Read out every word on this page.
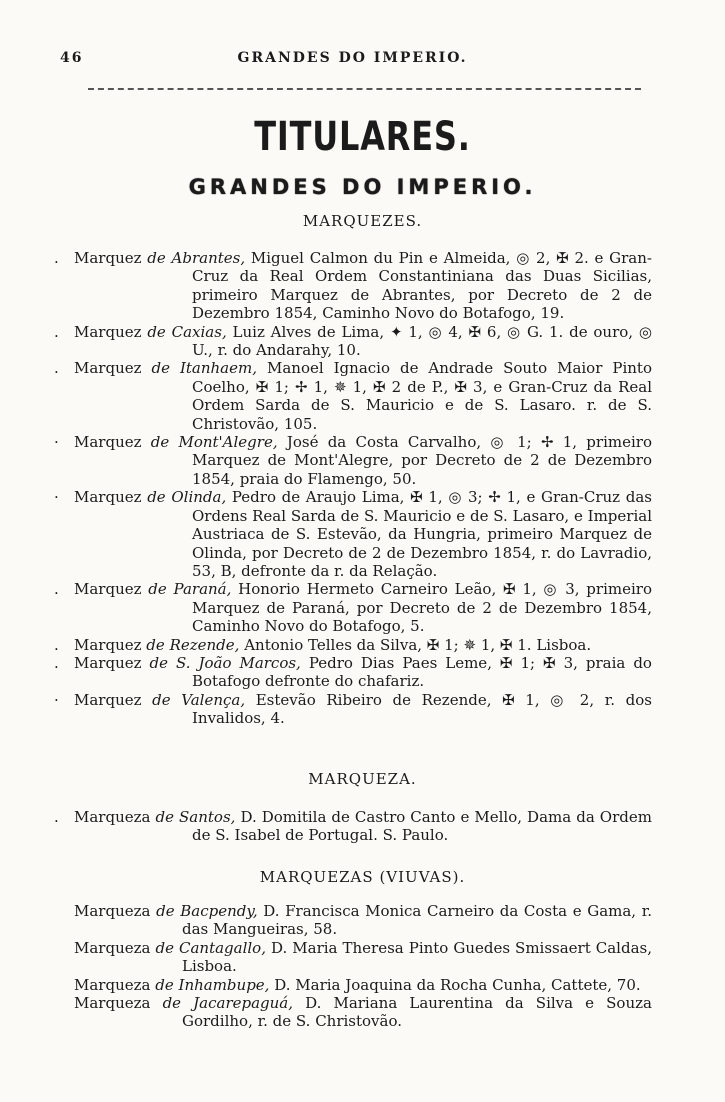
46	GRANDES DO IMPERIO.
TITULARES.
GRANDES DO IMPERIO.
MARQUEZES.

.	Marquez de Abrantes, Miguel Calmon du Pin e Almeida, ◎ 2, ✠ 2. e Gran-Cruz da Real Ordem Constantiniana das Duas Sicilias, primeiro Marquez de Abrantes, por Decreto de 2 de Dezembro 1854, Caminho Novo do Botafogo, 19.

.	Marquez de Caxias, Luiz Alves de Lima, ✦ 1, ◎ 4, ✠ 6, ◎ G. 1. de ouro, ◎ U., r. do Andarahy, 10.

.	Marquez de Itanhaem, Manoel Ignacio de Andrade Souto Maior Pinto Coelho, ✠ 1; ✢ 1, ✵ 1, ✠ 2 de P., ✠ 3, e Gran-Cruz da Real Ordem Sarda de S. Mauricio e de S. Lasaro. r. de S. Christovão, 105.

·	Marquez de Mont'Alegre, José da Costa Carvalho, ◎ 1; ✢ 1, primeiro Marquez de Mont'Alegre, por Decreto de 2 de Dezembro 1854, praia do Flamengo, 50.

·	Marquez de Olinda, Pedro de Araujo Lima, ✠ 1, ◎ 3; ✢ 1, e Gran-Cruz das Ordens Real Sarda de S. Mauricio e de S. Lasaro, e Imperial Austriaca de S. Estevão, da Hungria, primeiro Marquez de Olinda, por Decreto de 2 de Dezembro 1854, r. do Lavradio, 53, B, defronte da r. da Relação.

.	Marquez de Paraná, Honorio Hermeto Carneiro Leão, ✠ 1, ◎ 3, primeiro Marquez de Paraná, por Decreto de 2 de Dezembro 1854, Caminho Novo do Botafogo, 5.

.	Marquez de Rezende, Antonio Telles da Silva, ✠ 1; ✵ 1, ✠ 1. Lisboa.

.	Marquez de S. João Marcos, Pedro Dias Paes Leme, ✠ 1; ✠ 3, praia do Botafogo defronte do chafariz.

·	Marquez de Valença, Estevão Ribeiro de Rezende, ✠ 1, ◎ 2, r. dos Invalidos, 4.

MARQUEZA.

.	Marqueza de Santos, D. Domitila de Castro Canto e Mello, Dama da Ordem de S. Isabel de Portugal. S. Paulo.

MARQUEZAS (VIUVAS).

Marqueza de Bacpendy, D. Francisca Monica Carneiro da Costa e Gama, r. das Mangueiras, 58.

Marqueza de Cantagallo, D. Maria Theresa Pinto Guedes Smissaert Caldas, Lisboa.

Marqueza de Inhambupe, D. Maria Joaquina da Rocha Cunha, Cattete, 70.

Marqueza de Jacarepaguá, D. Mariana Laurentina da Silva e Souza Gordilho, r. de S. Christovão.
